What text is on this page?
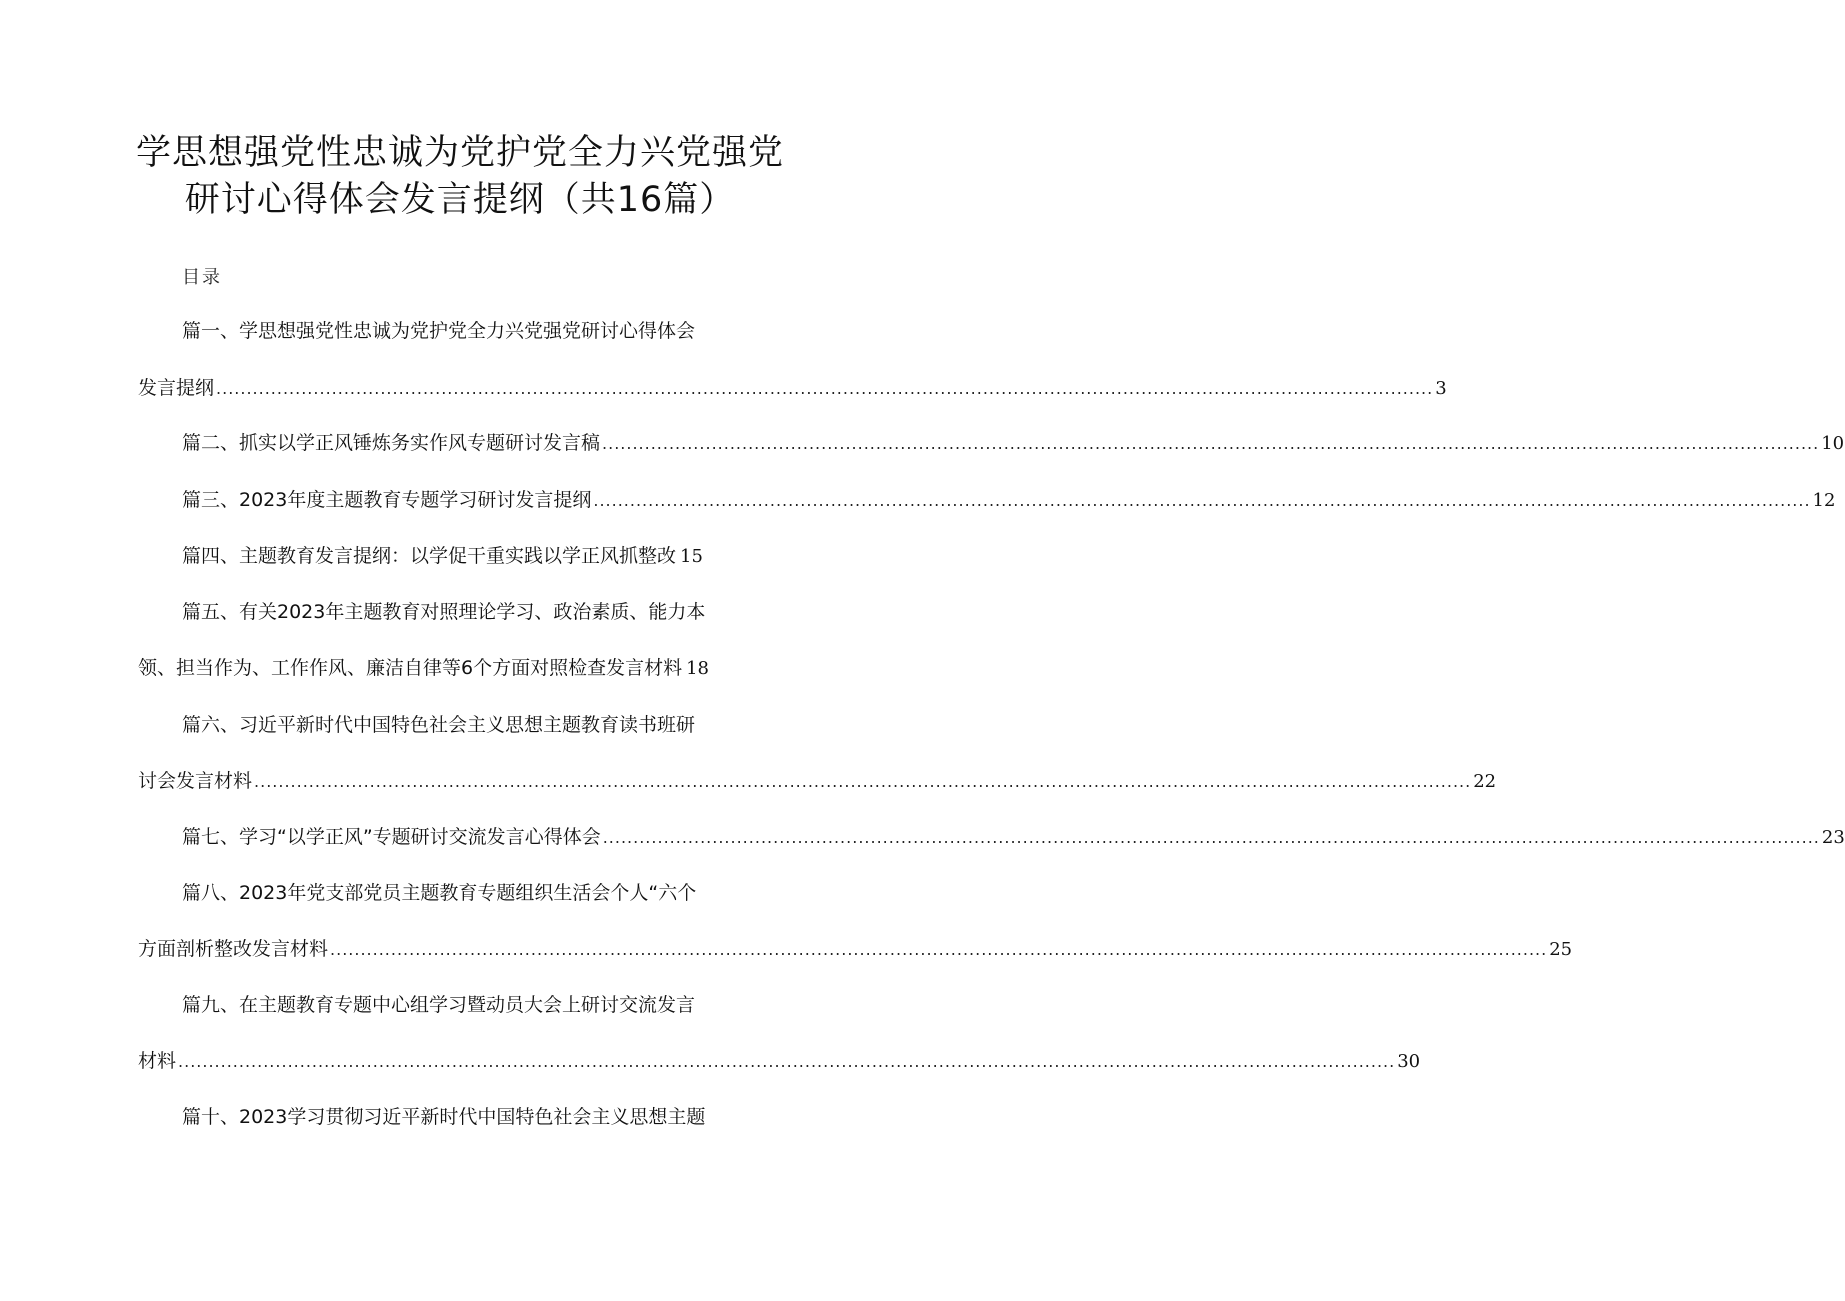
学思想强党性忠诚为党护党全力兴党强党
研讨心得体会发言提纲（共16篇）
目录
篇一、学思想强党性忠诚为党护党全力兴党强党研讨心得体会
发言提纲 ........................................................................................................................................................................................................ 3
篇二、抓实以学正风锤炼务实作风专题研讨发言稿 ........................................................................................................................................................................................................ 10
篇三、2023年度主题教育专题学习研讨发言提纲 ........................................................................................................................................................................................................ 12
篇四、主题教育发言提纲：以学促干重实践以学正风抓整改 15
篇五、有关2023年主题教育对照理论学习、政治素质、能力本
领、担当作为、工作作风、廉洁自律等6个方面对照检查发言材料 18
篇六、习近平新时代中国特色社会主义思想主题教育读书班研
讨会发言材料 ........................................................................................................................................................................................................ 22
篇七、学习“以学正风”专题研讨交流发言心得体会 ........................................................................................................................................................................................................ 23
篇八、2023年党支部党员主题教育专题组织生活会个人“六个
方面剖析整改发言材料 ........................................................................................................................................................................................................ 25
篇九、在主题教育专题中心组学习暨动员大会上研讨交流发言
材料 ........................................................................................................................................................................................................ 30
篇十、2023学习贯彻习近平新时代中国特色社会主义思想主题
